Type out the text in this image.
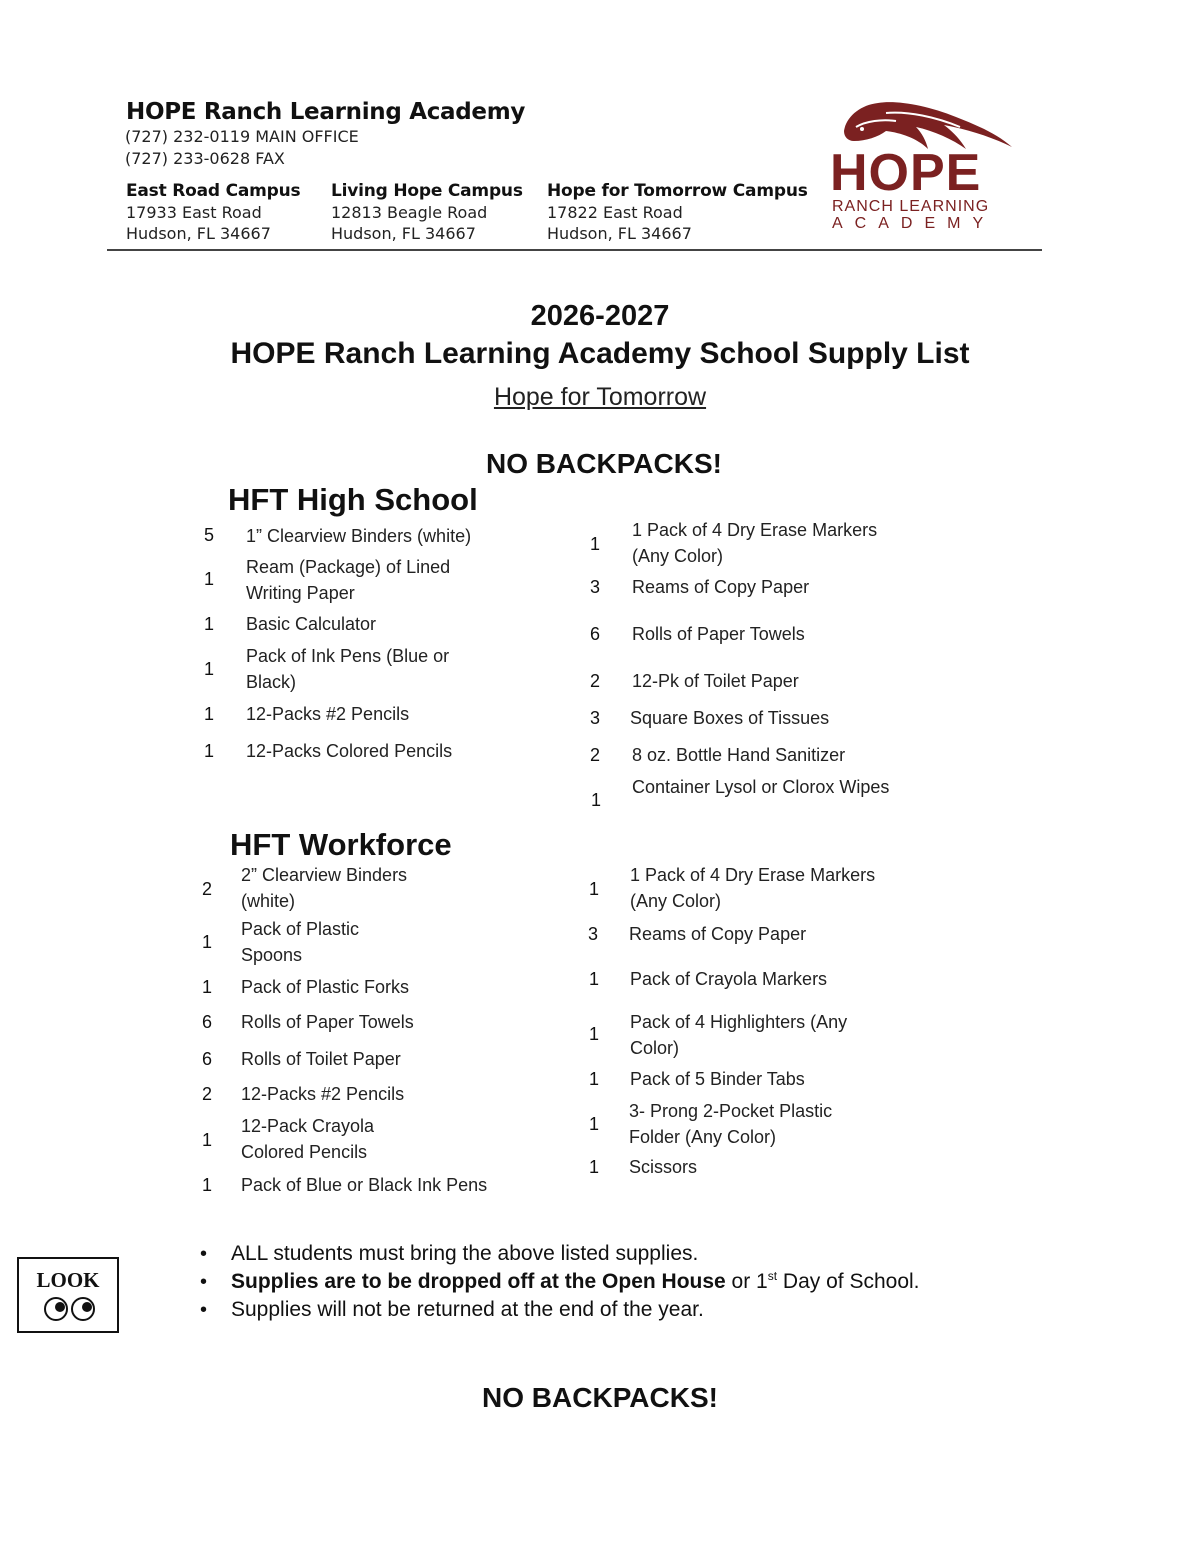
HOPE Ranch Learning Academy
(727) 232-0119 MAIN OFFICE
(727) 233-0628 FAX
East Road Campus
17933 East Road
Hudson, FL 34667
Living Hope Campus
12813 Beagle Road
Hudson, FL 34667
Hope for Tomorrow Campus
17822 East Road
Hudson, FL 34667
HOPE
RANCH LEARNING
ACADEMY
2026-2027
HOPE Ranch Learning Academy School Supply List
Hope for Tomorrow
NO BACKPACKS!
HFT High School
5 1” Clearview Binders (white)
1
Ream (Package) of Lined Writing Paper
1 Basic Calculator
1
Pack of Ink Pens (Blue or Black)
1 12-Packs #2 Pencils
1 12-Packs Colored Pencils
1
1 Pack of 4 Dry Erase Markers (Any Color)
3 Reams of Copy Paper
6 Rolls of Paper Towels
2 12-Pk of Toilet Paper
3 Square Boxes of Tissues
2 8 oz. Bottle Hand Sanitizer
1
Container Lysol or Clorox Wipes
HFT Workforce
2
2” Clearview Binders (white)
1
Pack of Plastic Spoons
1 Pack of Plastic Forks
6 Rolls of Paper Towels
6 Rolls of Toilet Paper
2 12-Packs #2 Pencils
1
12-Pack Crayola Colored Pencils
1 Pack of Blue or Black Ink Pens
1
1 Pack of 4 Dry Erase Markers (Any Color)
3 Reams of Copy Paper
1 Pack of Crayola Markers
1
Pack of 4 Highlighters (Any Color)
1 Pack of 5 Binder Tabs
1
3- Prong 2-Pocket Plastic Folder (Any Color)
1 Scissors
LOOK
• ALL students must bring the above listed supplies.
• Supplies are to be dropped off at the Open House or 1st Day of School.
• Supplies will not be returned at the end of the year.
NO BACKPACKS!
